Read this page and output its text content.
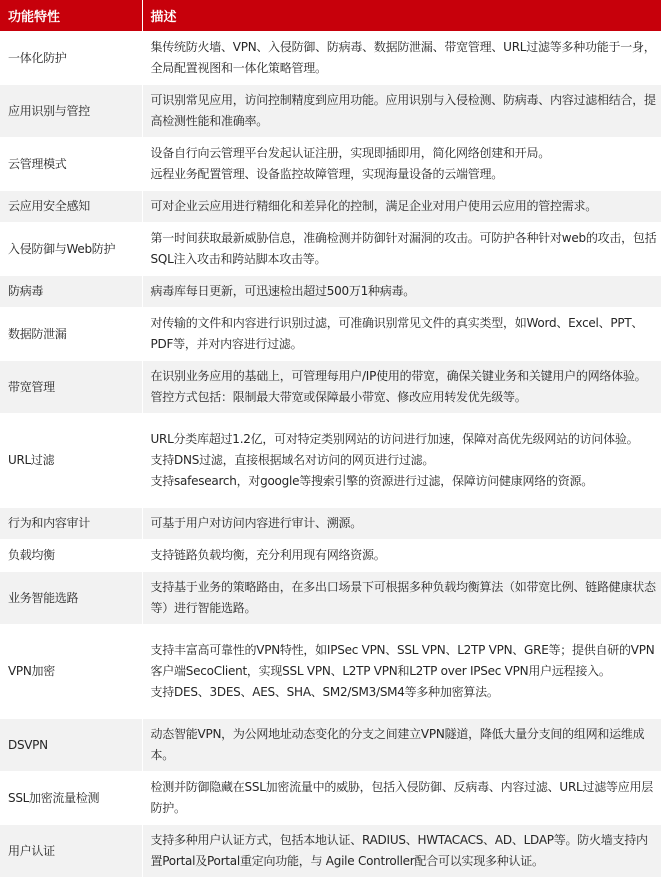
功能特性	描述
一体化防护	集传统防火墙、VPN、入侵防御、防病毒、数据防泄漏、带宽管理、URL过滤等多种功能于一身，全局配置视图和一体化策略管理。

应用识别与管控	可识别常见应用，访问控制精度到应用功能。应用识别与入侵检测、防病毒、内容过滤相结合，提高检测性能和准确率。

云管理模式	设备自行向云管理平台发起认证注册，实现即插即用，简化网络创建和开局。
远程业务配置管理、设备监控故障管理，实现海量设备的云端管理。

云应用安全感知	可对企业云应用进行精细化和差异化的控制，满足企业对用户使用云应用的管控需求。

入侵防御与Web防护	第一时间获取最新威胁信息，准确检测并防御针对漏洞的攻击。可防护各种针对web的攻击，包括SQL注入攻击和跨站脚本攻击等。

防病毒	病毒库每日更新，可迅速检出超过500万1种病毒。

数据防泄漏	对传输的文件和内容进行识别过滤，可准确识别常见文件的真实类型，如Word、Excel、PPT、PDF等，并对内容进行过滤。

带宽管理	在识别业务应用的基础上，可管理每用户/IP使用的带宽，确保关键业务和关键用户的网络体验。管控方式包括：限制最大带宽或保障最小带宽、修改应用转发优先级等。

URL过滤	URL分类库超过1.2亿，可对特定类别网站的访问进行加速，保障对高优先级网站的访问体验。
支持DNS过滤，直接根据域名对访问的网页进行过滤。
支持safesearch，对google等搜索引擎的资源进行过滤，保障访问健康网络的资源。

行为和内容审计	可基于用户对访问内容进行审计、溯源。

负载均衡	支持链路负载均衡，充分利用现有网络资源。

业务智能选路	支持基于业务的策略路由，在多出口场景下可根据多种负载均衡算法（如带宽比例、链路健康状态等）进行智能选路。

VPN加密	支持丰富高可靠性的VPN特性，如IPSec VPN、SSL VPN、L2TP VPN、GRE等；提供自研的VPN客户端SecoClient，实现SSL VPN、L2TP VPN和L2TP over IPSec VPN用户远程接入。
支持DES、3DES、AES、SHA、SM2/SM3/SM4等多种加密算法。

DSVPN	动态智能VPN，为公网地址动态变化的分支之间建立VPN隧道，降低大量分支间的组网和运维成本。

SSL加密流量检测	检测并防御隐藏在SSL加密流量中的威胁，包括入侵防御、反病毒、内容过滤、URL过滤等应用层防护。

用户认证	支持多种用户认证方式，包括本地认证、RADIUS、HWTACACS、AD、LDAP等。防火墙支持内置Portal及Portal重定向功能，与 Agile Controller配合可以实现多种认证。
